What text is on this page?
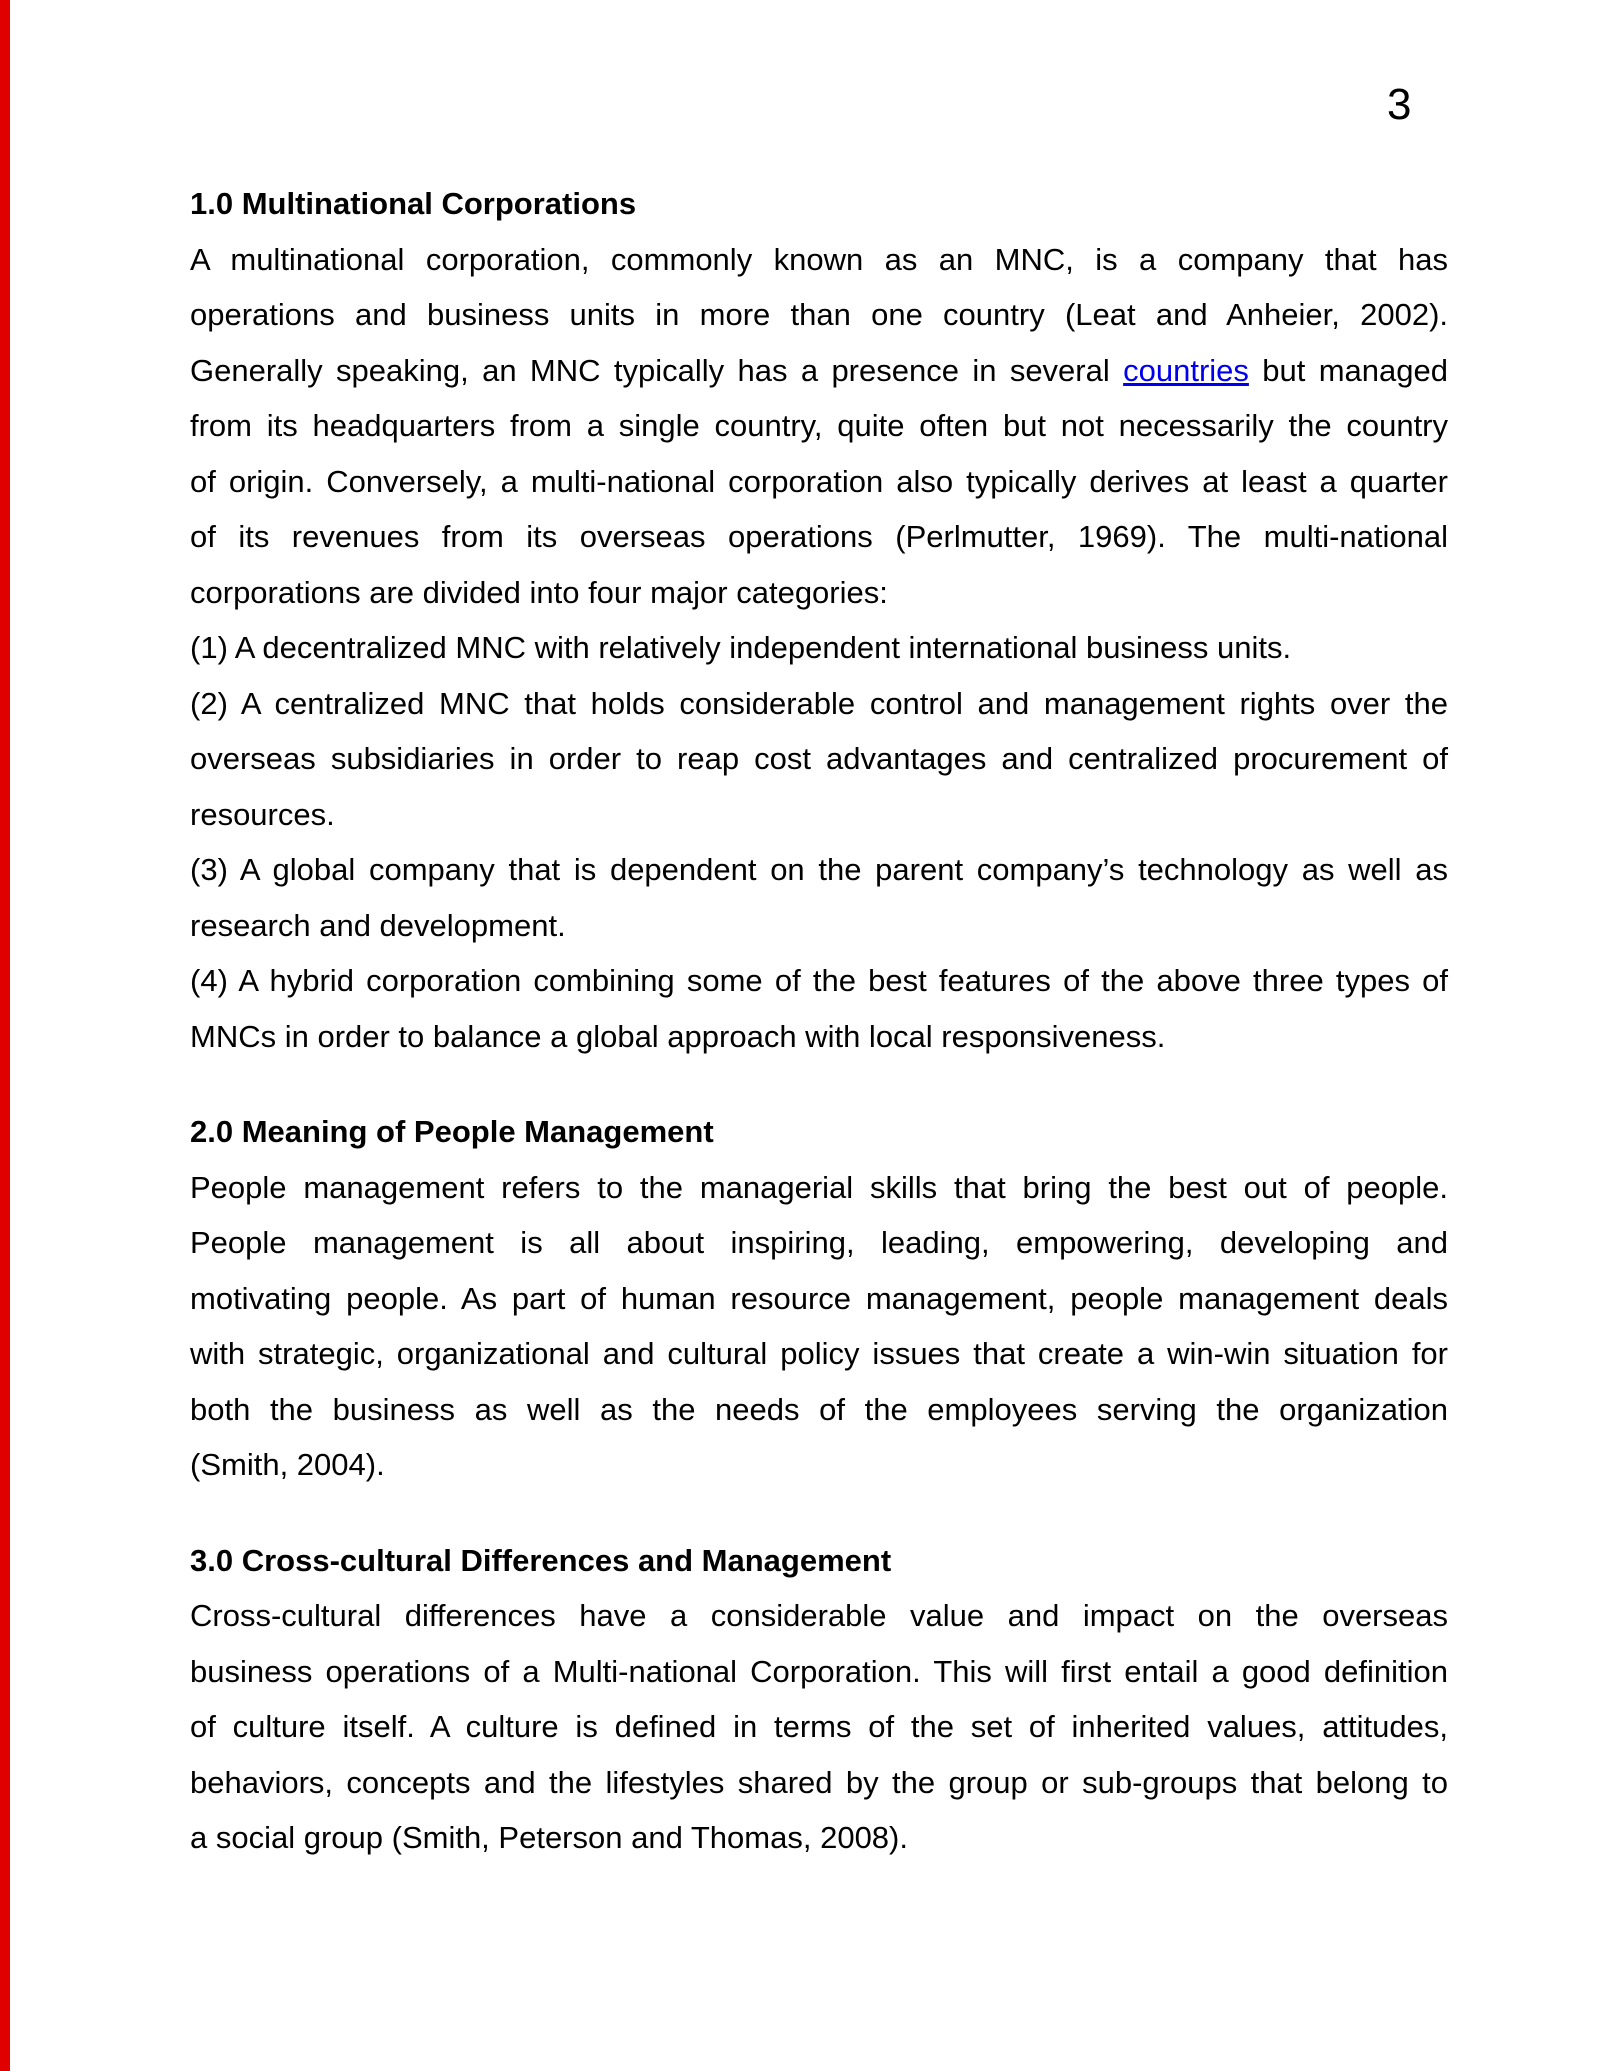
3
1.0 Multinational Corporations
A multinational corporation, commonly known as an MNC, is a company that has
operations and business units in more than one country (Leat and Anheier, 2002).
Generally speaking, an MNC typically has a presence in several countries but managed
from its headquarters from a single country, quite often but not necessarily the country
of origin. Conversely, a multi-national corporation also typically derives at least a quarter
of its revenues from its overseas operations (Perlmutter, 1969). The multi-national
corporations are divided into four major categories:
(1) A decentralized MNC with relatively independent international business units.
(2) A centralized MNC that holds considerable control and management rights over the
overseas subsidiaries in order to reap cost advantages and centralized procurement of
resources.
(3) A global company that is dependent on the parent company’s technology as well as
research and development.
(4) A hybrid corporation combining some of the best features of the above three types of
MNCs in order to balance a global approach with local responsiveness.
2.0 Meaning of People Management
People management refers to the managerial skills that bring the best out of people.
People management is all about inspiring, leading, empowering, developing and
motivating people. As part of human resource management, people management deals
with strategic, organizational and cultural policy issues that create a win-win situation for
both the business as well as the needs of the employees serving the organization
(Smith, 2004).
3.0 Cross-cultural Differences and Management
Cross-cultural differences have a considerable value and impact on the overseas
business operations of a Multi-national Corporation. This will first entail a good definition
of culture itself. A culture is defined in terms of the set of inherited values, attitudes,
behaviors, concepts and the lifestyles shared by the group or sub-groups that belong to
a social group (Smith, Peterson and Thomas, 2008).
